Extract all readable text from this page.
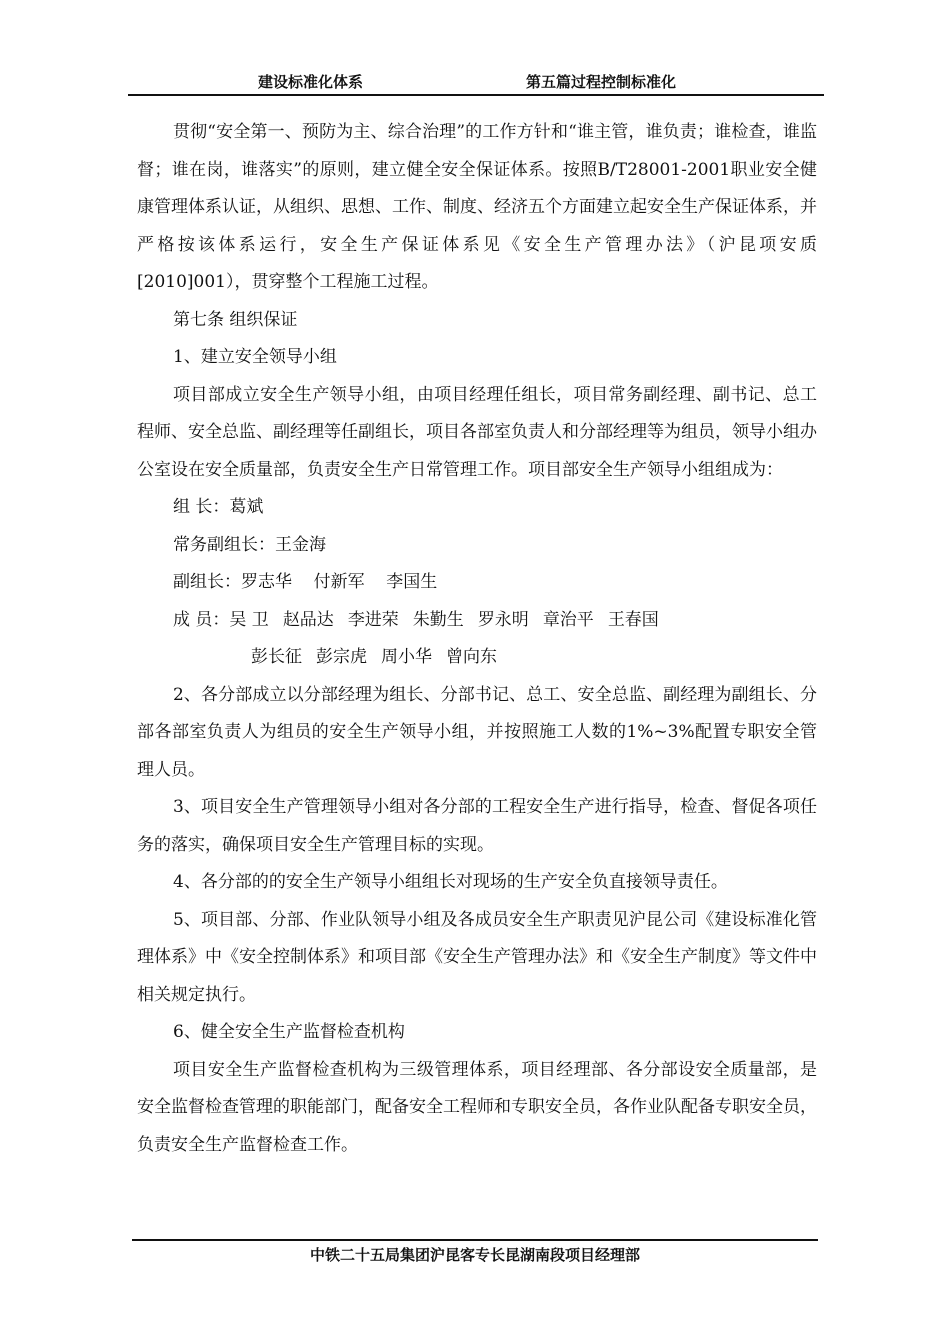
建设标准化体系	第五篇过程控制标准化

贯彻“安全第一、预防为主、综合治理”的工作方针和“谁主管，谁负责；谁检查，谁监督；谁在岗，谁落实”的原则，建立健全安全保证体系。按照B/T28001-2001职业安全健康管理体系认证，从组织、思想、工作、制度、经济五个方面建立起安全生产保证体系，并严格按该体系运行，安全生产保证体系见《安全生产管理办法》（沪昆项安质[2010]001），贯穿整个工程施工过程。

第七条 组织保证

1、建立安全领导小组

项目部成立安全生产领导小组，由项目经理任组长，项目常务副经理、副书记、总工程师、安全总监、副经理等任副组长，项目各部室负责人和分部经理等为组员，领导小组办公室设在安全质量部，负责安全生产日常管理工作。项目部安全生产领导小组组成为：

组 长：葛斌

常务副组长：王金海

副组长：罗志华 付新军 李国生

成 员：吴 卫 赵品达 李进荣 朱勤生 罗永明 章治平 王春国
彭长征 彭宗虎 周小华 曾向东

2、各分部成立以分部经理为组长、分部书记、总工、安全总监、副经理为副组长、分部各部室负责人为组员的安全生产领导小组，并按照施工人数的1%~3%配置专职安全管理人员。

3、项目安全生产管理领导小组对各分部的工程安全生产进行指导，检查、督促各项任务的落实，确保项目安全生产管理目标的实现。

4、各分部的的安全生产领导小组组长对现场的生产安全负直接领导责任。

5、项目部、分部、作业队领导小组及各成员安全生产职责见沪昆公司《建设标准化管理体系》中《安全控制体系》和项目部《安全生产管理办法》和《安全生产制度》等文件中相关规定执行。

6、健全安全生产监督检查机构

项目安全生产监督检查机构为三级管理体系，项目经理部、各分部设安全质量部，是安全监督检查管理的职能部门，配备安全工程师和专职安全员，各作业队配备专职安全员，负责安全生产监督检查工作。

中铁二十五局集团沪昆客专长昆湖南段项目经理部
